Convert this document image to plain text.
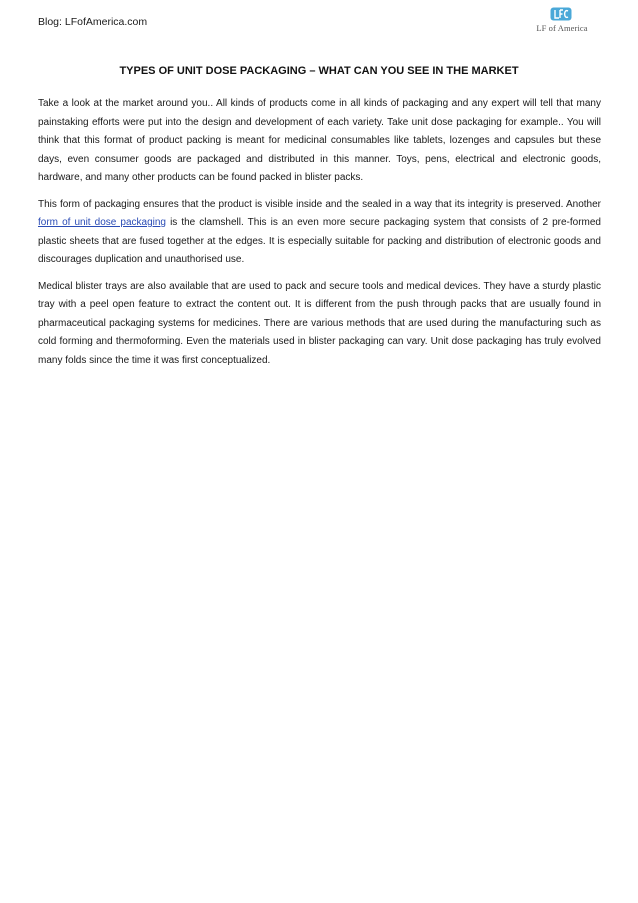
Blog: LFofAmerica.com	LF of America
TYPES OF UNIT DOSE PACKAGING – WHAT CAN YOU SEE IN THE MARKET

Take a look at the market around you.. All kinds of products come in all kinds of packaging and any expert will tell that many painstaking efforts were put into the design and development of each variety. Take unit dose packaging for example.. You will think that this format of product packing is meant for medicinal consumables like tablets, lozenges and capsules but these days, even consumer goods are packaged and distributed in this manner. Toys, pens, electrical and electronic goods, hardware, and many other products can be found packed in blister packs.

This form of packaging ensures that the product is visible inside and the sealed in a way that its integrity is preserved. Another form of unit dose packaging is the clamshell. This is an even more secure packaging system that consists of 2 pre-formed plastic sheets that are fused together at the edges. It is especially suitable for packing and distribution of electronic goods and discourages duplication and unauthorised use.

Medical blister trays are also available that are used to pack and secure tools and medical devices. They have a sturdy plastic tray with a peel open feature to extract the content out. It is different from the push through packs that are usually found in pharmaceutical packaging systems for medicines. There are various methods that are used during the manufacturing such as cold forming and thermoforming. Even the materials used in blister packaging can vary. Unit dose packaging has truly evolved many folds since the time it was first conceptualized.
